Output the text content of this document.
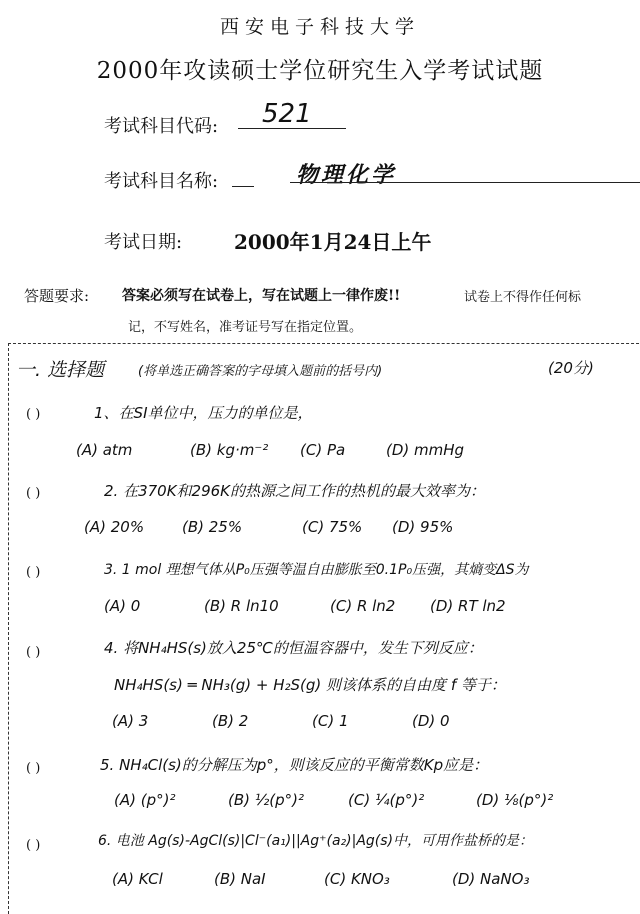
西安电子科技大学
2000年攻读硕士学位研究生入学考试试题
考试科目代码: 521
考试科目名称:	物理化学
考试日期:	2000年1月24日上午
答题要求: 答案必须写在试卷上，写在试题上一律作废!!	试卷上不得作任何标
记，不写姓名，准考证号写在指定位置。
一. 选择题	(将单选正确答案的字母填入题前的括号内)	(20分)
( )	1、在SI单位中，压力的单位是，
(A) atm	(B) kg·m⁻² (C) Pa	(D) mmHg
( )	2. 在370K和296K的热源之间工作的热机的最大效率为：
(A) 20%	(B) 25%	(C) 75% (D) 95%
( )	3. 1 mol 理想气体从P₀压强等温自由膨胀至0.1P₀压强，其熵变ΔS为
(A) 0	(B) R ln10	(C) R ln2 (D) RT ln2
( )	4. 将NH₄HS(s)放入25℃的恒温容器中，发生下列反应：
NH₄HS(s) ═ NH₃(g) + H₂S(g) 则该体系的自由度 f 等于：
(A) 3	(B) 2	(C) 1	(D) 0
( )	5. NH₄Cl(s)的分解压为p°，则该反应的平衡常数Kp应是：
(A) (p°)²	(B) ½(p°)²	(C) ¼(p°)²	(D) ⅛(p°)²
( )	6. 电池 Ag(s)-AgCl(s)|Cl⁻(a₁)||Ag⁺(a₂)|Ag(s)中，可用作盐桥的是：
(A) KCl	(B) NaI	(C) KNO₃	(D) NaNO₃
